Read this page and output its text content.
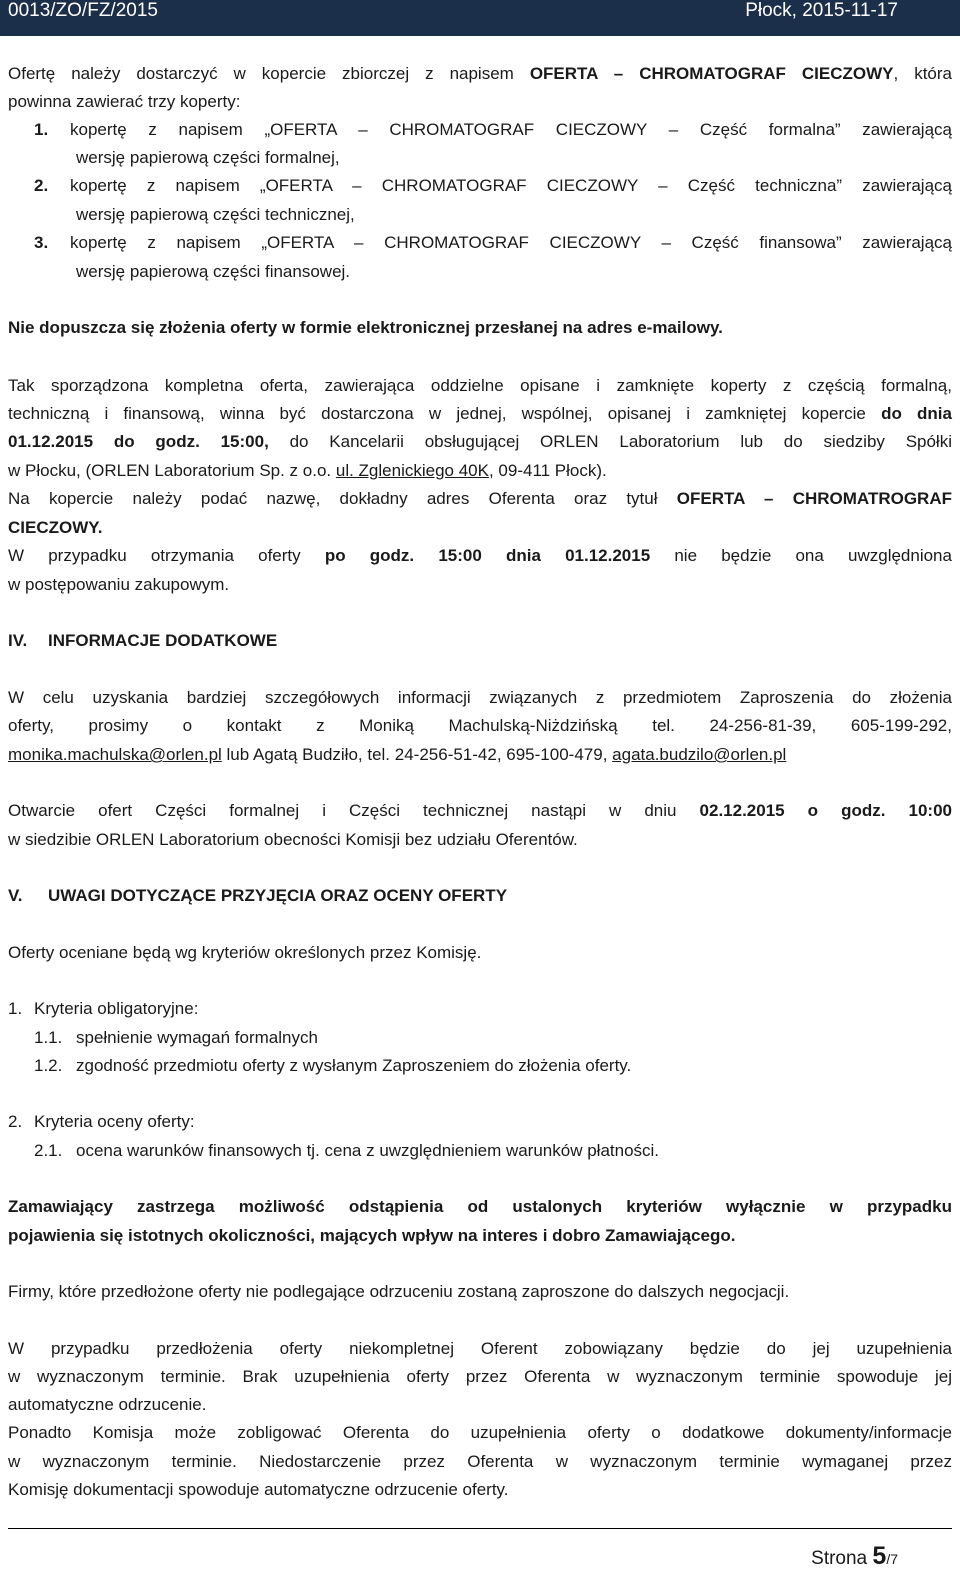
0013/ZO/FZ/2015	Płock, 2015-11-17
Ofertę należy dostarczyć w kopercie zbiorczej z napisem OFERTA – CHROMATOGRAF CIECZOWY, która
powinna zawierać trzy koperty:
1. kopertę z napisem „OFERTA – CHROMATOGRAF CIECZOWY – Część formalna” zawierającą
wersję papierową części formalnej,
2. kopertę z napisem „OFERTA – CHROMATOGRAF CIECZOWY – Część techniczna” zawierającą
wersję papierową części technicznej,
3. kopertę z napisem „OFERTA – CHROMATOGRAF CIECZOWY – Część finansowa” zawierającą
wersję papierową części finansowej.
Nie dopuszcza się złożenia oferty w formie elektronicznej przesłanej na adres e-mailowy.
Tak sporządzona kompletna oferta, zawierająca oddzielne opisane i zamknięte koperty z częścią formalną,
techniczną i finansową, winna być dostarczona w jednej, wspólnej, opisanej i zamkniętej kopercie do dnia
01.12.2015 do godz. 15:00, do Kancelarii obsługującej ORLEN Laboratorium lub do siedziby Spółki
w Płocku, (ORLEN Laboratorium Sp. z o.o. ul. Zglenickiego 40K, 09-411 Płock).
Na kopercie należy podać nazwę, dokładny adres Oferenta oraz tytuł OFERTA – CHROMATROGRAF
CIECZOWY.
W przypadku otrzymania oferty po godz. 15:00 dnia 01.12.2015 nie będzie ona uwzględniona
w postępowaniu zakupowym.
IV. INFORMACJE DODATKOWE
W celu uzyskania bardziej szczegółowych informacji związanych z przedmiotem Zaproszenia do złożenia
oferty, prosimy o kontakt z Moniką Machulską-Niżdzińską tel. 24-256-81-39, 605-199-292,
monika.machulska@orlen.pl lub Agatą Budziło, tel. 24-256-51-42, 695-100-479, agata.budzilo@orlen.pl
Otwarcie ofert Części formalnej i Części technicznej nastąpi w dniu 02.12.2015 o godz. 10:00
w siedzibie ORLEN Laboratorium obecności Komisji bez udziału Oferentów.
V. UWAGI DOTYCZĄCE PRZYJĘCIA ORAZ OCENY OFERTY
Oferty oceniane będą wg kryteriów określonych przez Komisję.
1. Kryteria obligatoryjne:
1.1. spełnienie wymagań formalnych
1.2. zgodność przedmiotu oferty z wysłanym Zaproszeniem do złożenia oferty.
2. Kryteria oceny oferty:
2.1. ocena warunków finansowych tj. cena z uwzględnieniem warunków płatności.
Zamawiający zastrzega możliwość odstąpienia od ustalonych kryteriów wyłącznie w przypadku
pojawienia się istotnych okoliczności, mających wpływ na interes i dobro Zamawiającego.
Firmy, które przedłożone oferty nie podlegające odrzuceniu zostaną zaproszone do dalszych negocjacji.
W przypadku przedłożenia oferty niekompletnej Oferent zobowiązany będzie do jej uzupełnienia
w wyznaczonym terminie. Brak uzupełnienia oferty przez Oferenta w wyznaczonym terminie spowoduje jej
automatyczne odrzucenie.
Ponadto Komisja może zobligować Oferenta do uzupełnienia oferty o dodatkowe dokumenty/informacje
w wyznaczonym terminie. Niedostarczenie przez Oferenta w wyznaczonym terminie wymaganej przez
Komisję dokumentacji spowoduje automatyczne odrzucenie oferty.
Strona 5/7
